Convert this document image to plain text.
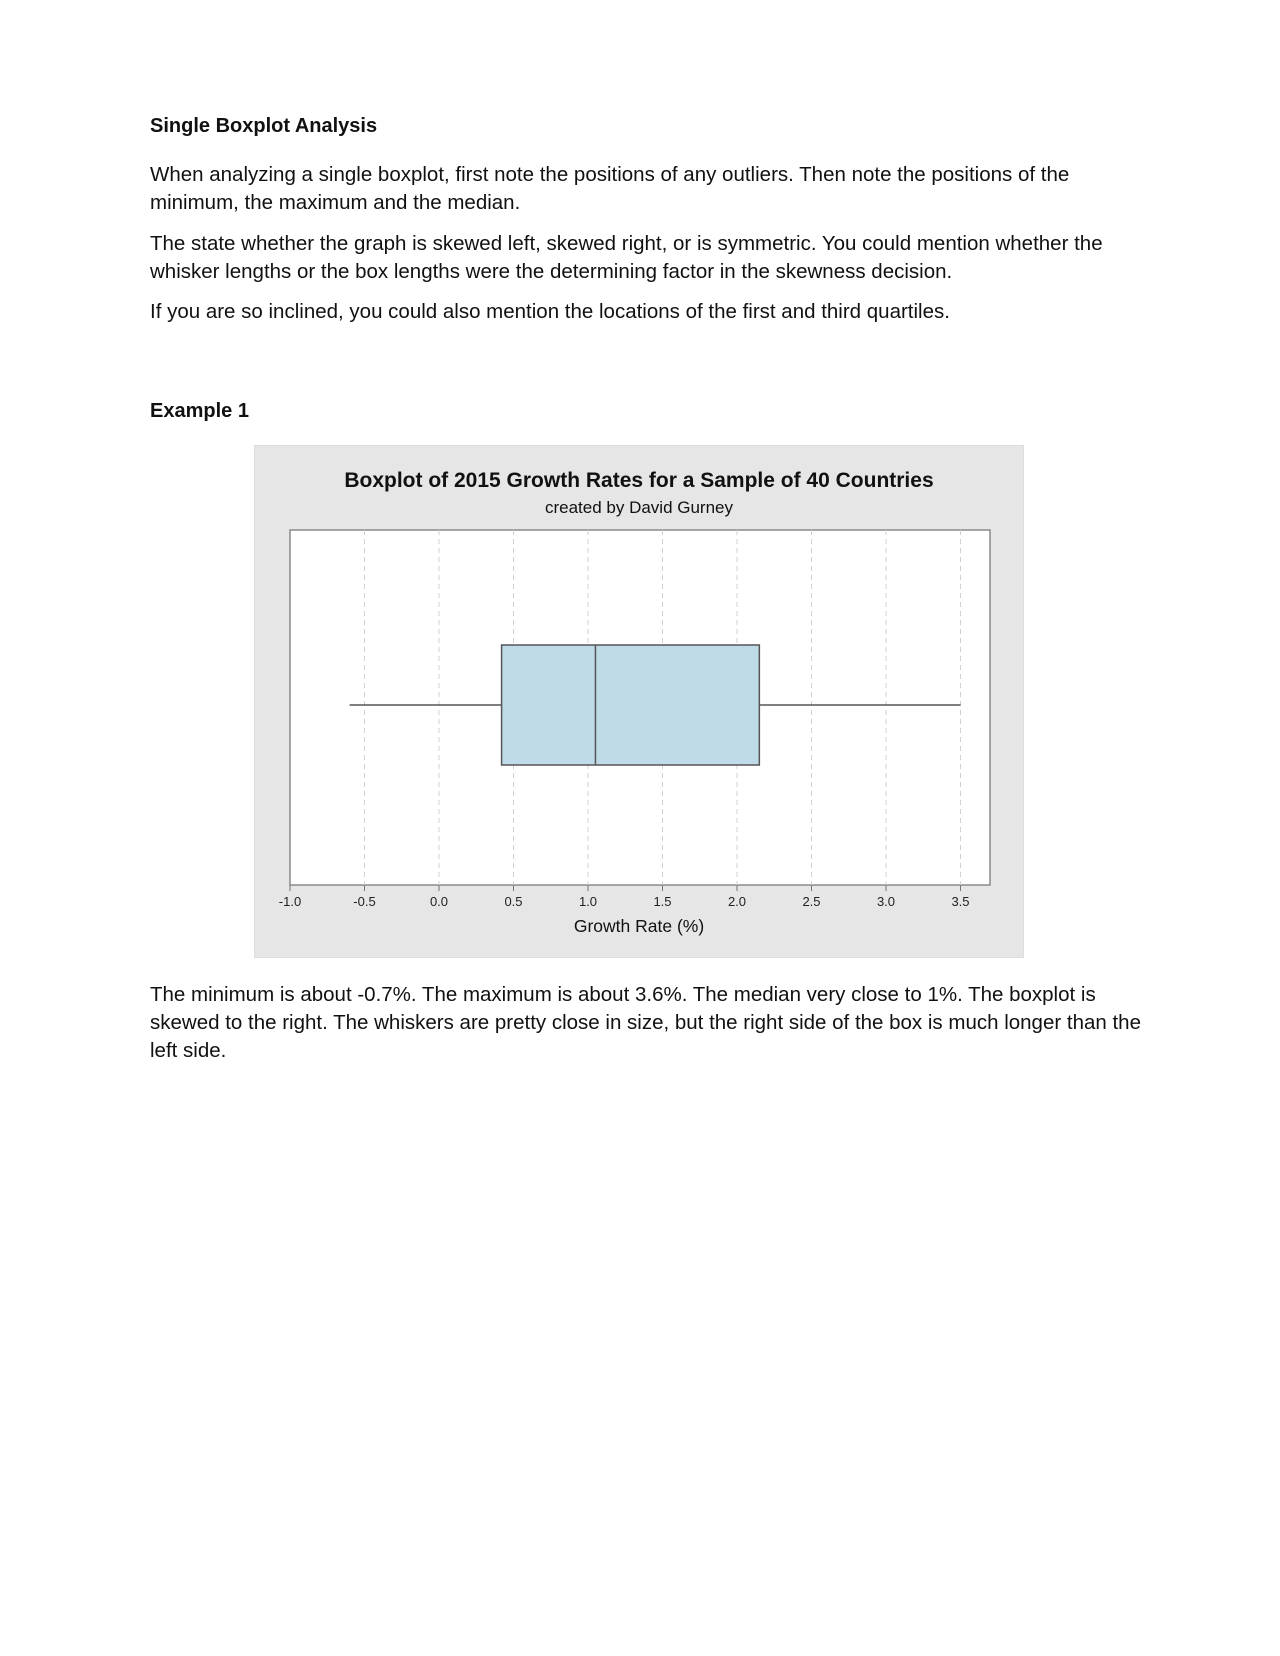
Single Boxplot Analysis

When analyzing a single boxplot, first note the positions of any outliers. Then note the positions of the minimum, the maximum and the median.

The state whether the graph is skewed left, skewed right, or is symmetric. You could mention whether the whisker lengths or the box lengths were the determining factor in the skewness decision.

If you are so inclined, you could also mention the locations of the first and third quartiles.

Example 1
Boxplot of 2015 Growth Rates for a Sample of 40 Countries
created by David Gurney
-1.0	-0.5	0.0	0.5	1.0	1.5	2.0	2.5	3.0	3.5
Growth Rate (%)

The minimum is about -0.7%. The maximum is about 3.6%. The median very close to 1%. The boxplot is skewed to the right. The whiskers are pretty close in size, but the right side of the box is much longer than the left side.
